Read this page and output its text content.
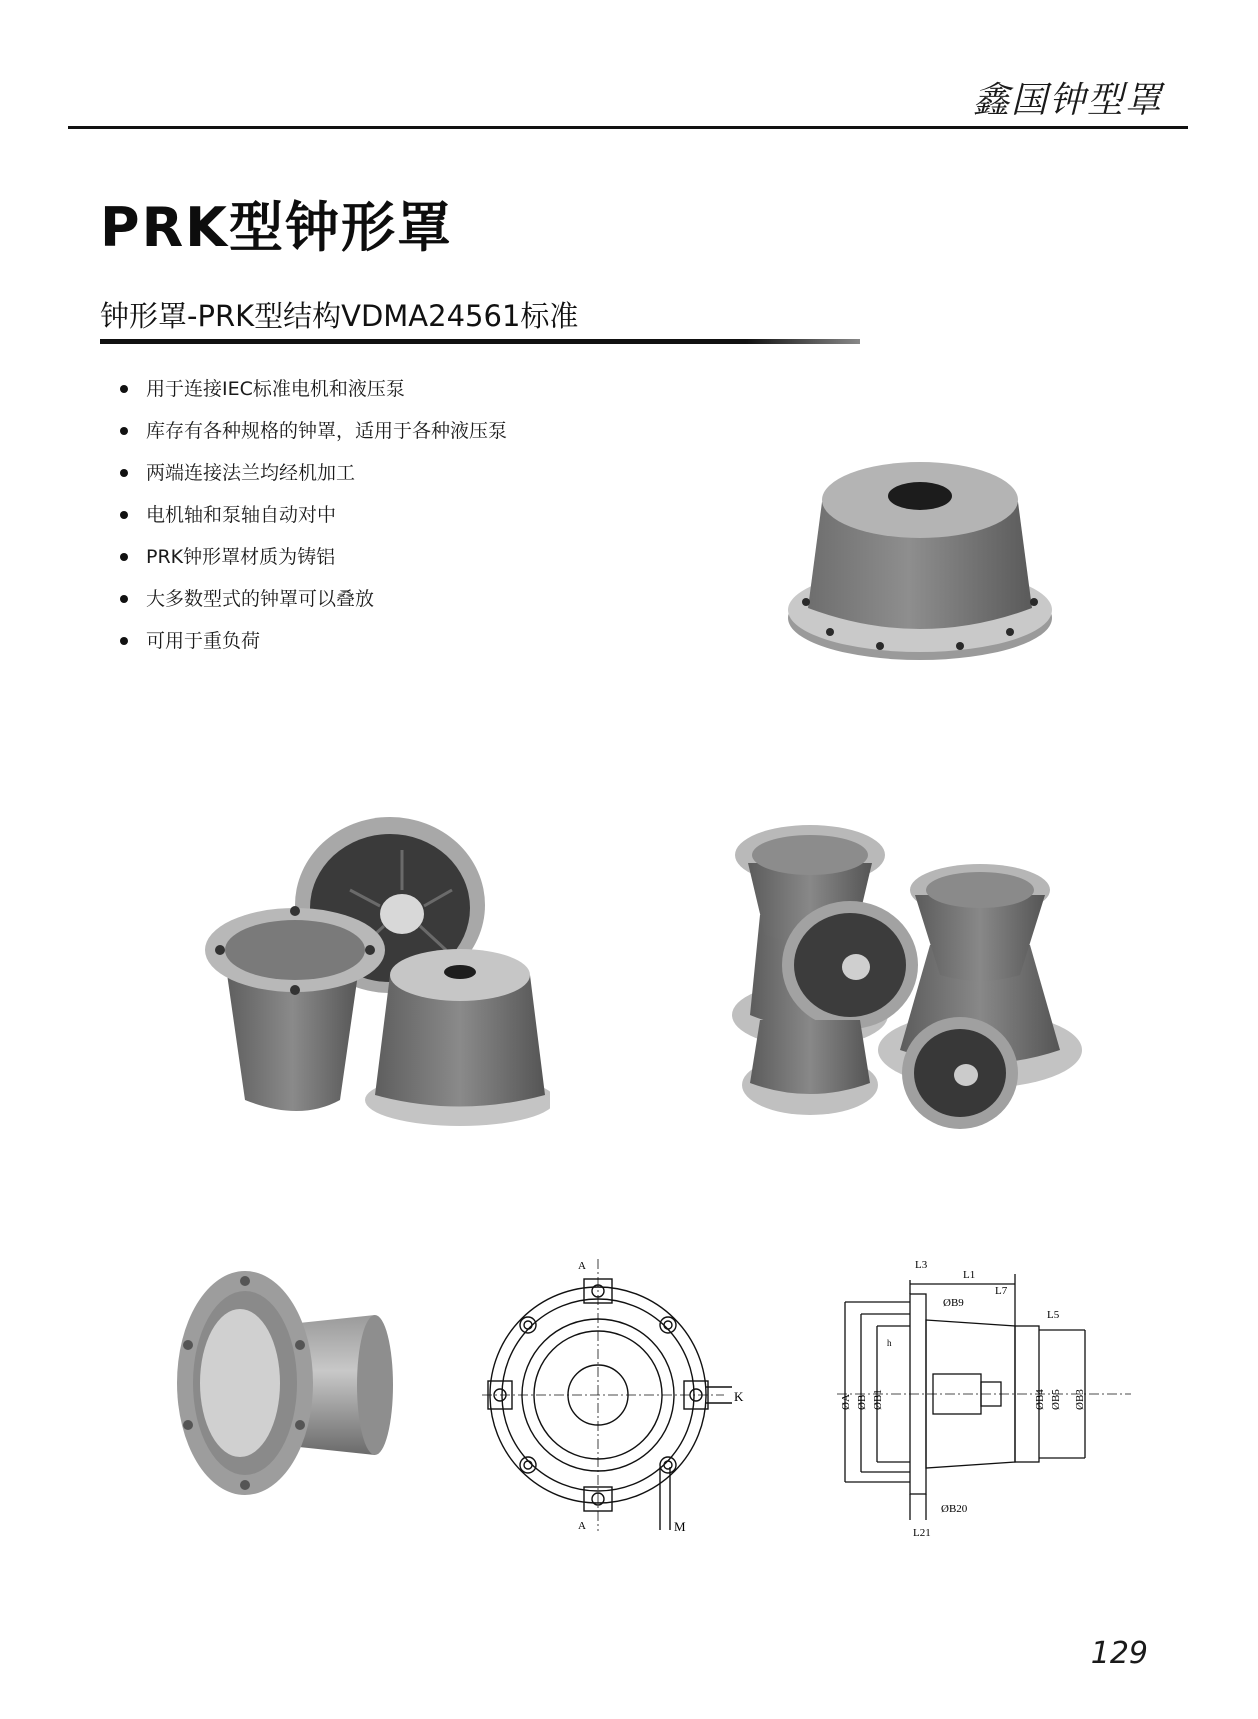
鑫国钟型罩
PRK型钟形罩
钟形罩-PRK型结构VDMA24561标准
用于连接IEC标准电机和液压泵
库存有各种规格的钟罩，适用于各种液压泵
两端连接法兰均经机加工
电机轴和泵轴自动对中
PRK钟形罩材质为铸铝
大多数型式的钟罩可以叠放
可用于重负荷
A
A
K
M
L1
L3
L7
ØB9
L5
h
ØA ØB ØB1	ØB4 ØB5 ØB3
ØB20
L21
129
